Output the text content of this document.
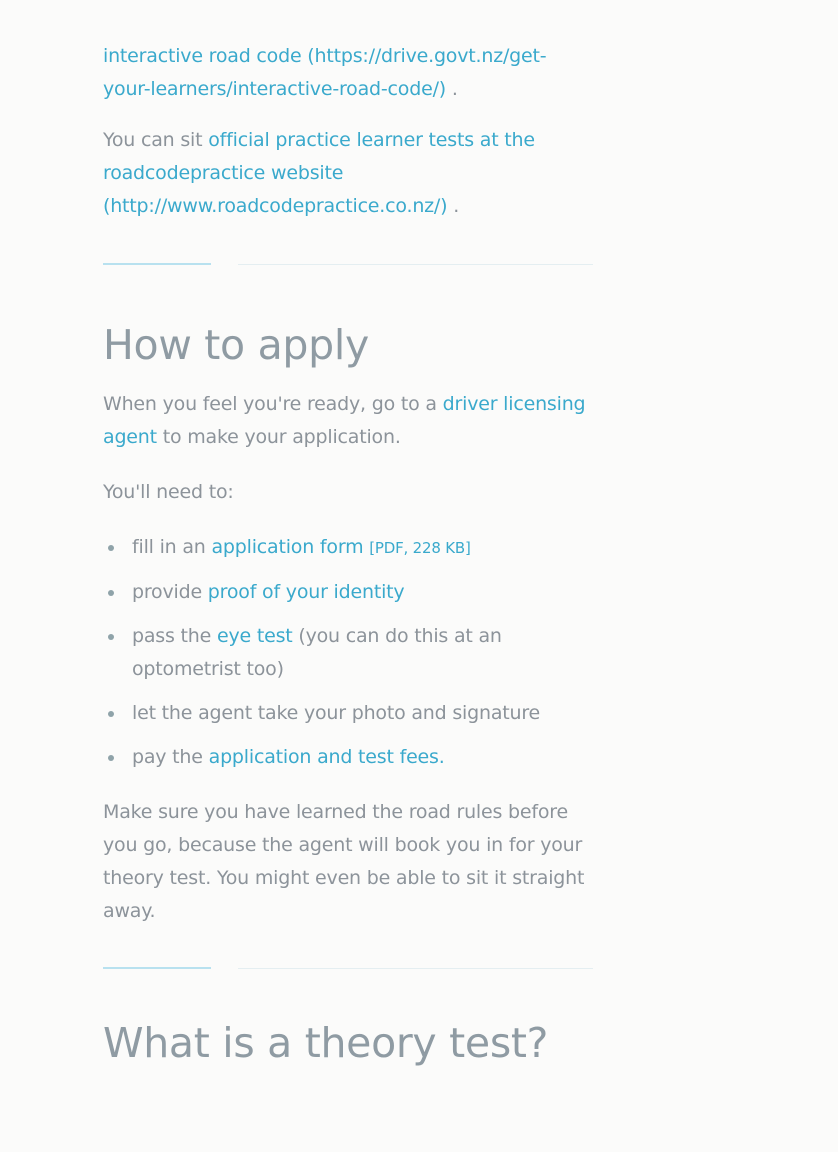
interactive road code (https://drive.govt.nz/get-your-learners/interactive-road-code/) .

You can sit official practice learner tests at the roadcodepractice website (http://www.roadcodepractice.co.nz/) .

How to apply

When you feel you're ready, go to a driver licensing agent to make your application.

You'll need to:

fill in an application form [PDF, 228 KB]
provide proof of your identity
pass the eye test (you can do this at an optometrist too)
let the agent take your photo and signature
pay the application and test fees.

Make sure you have learned the road rules before you go, because the agent will book you in for your theory test. You might even be able to sit it straight away.

What is a theory test?
